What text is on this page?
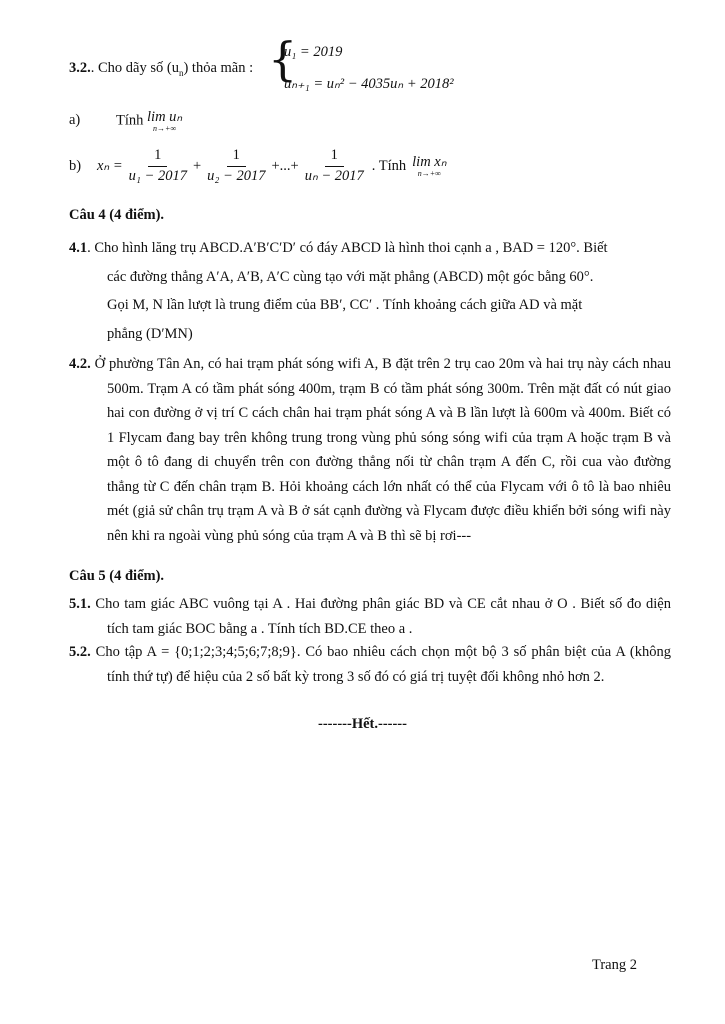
3.2.. Cho dãy số $(u_n)$ thỏa mãn : {
u₁ = 2019
uₙ₊₁ = uₙ² − 4035uₙ + 2018²
a) Tính lim uₙ
n→+∞
b)	$x_n = \frac{1}{\text{u₁ − 2017}} + \frac{1}{\text{u₂ − 2017}}$ +...+ $\frac{1}{\text{uₙ − 2017}}$ . Tính lim xₙ
n→+∞
Câu 4 (4 điểm).
4.1. Cho hình lăng trụ ABCD.A′B′C′D′ có đáy ABCD là hình thoi cạnh a , BAD = 120°. Biết
các đường thẳng A′A, A′B, A′C cùng tạo với mặt phẳng (ABCD) một góc bằng 60°.
Gọi M, N lần lượt là trung điểm của BB′, CC′ . Tính khoảng cách giữa AD và mặt
phẳng (D′MN)
4.2. Ở phường Tân An, có hai trạm phát sóng wifi A, B đặt trên 2 trụ cao 20m và hai trụ này cách nhau 500m. Trạm A có tầm phát sóng 400m, trạm B có tầm phát sóng 300m. Trên mặt đất có nút giao hai con đường ở vị trí C cách chân hai trạm phát sóng A và B lần lượt là 600m và 400m. Biết có 1 Flycam đang bay trên không trung trong vùng phủ sóng sóng wifi của trạm A hoặc trạm B và một ô tô đang di chuyển trên con đường thẳng nối từ chân trạm A đến C, rồi cua vào đường thẳng từ C đến chân trạm B. Hỏi khoảng cách lớn nhất có thể của Flycam với ô tô là bao nhiêu mét (giả sử chân trụ trạm A và B ở sát cạnh đường và Flycam được điều khiển bởi sóng wifi này nên khi ra ngoài vùng phủ sóng của trạm A và B thì sẽ bị rơi---
Câu 5 (4 điểm).
5.1. Cho tam giác ABC vuông tại A . Hai đường phân giác BD và CE cắt nhau ở O . Biết số đo diện tích tam giác BOC bằng a . Tính tích BD.CE theo a .
5.2. Cho tập A = {0;1;2;3;4;5;6;7;8;9}. Có bao nhiêu cách chọn một bộ 3 số phân biệt của A (không tính thứ tự) để hiệu của 2 số bất kỳ trong 3 số đó có giá trị tuyệt đối không nhỏ hơn 2.
-------Hết.------
Trang 2
